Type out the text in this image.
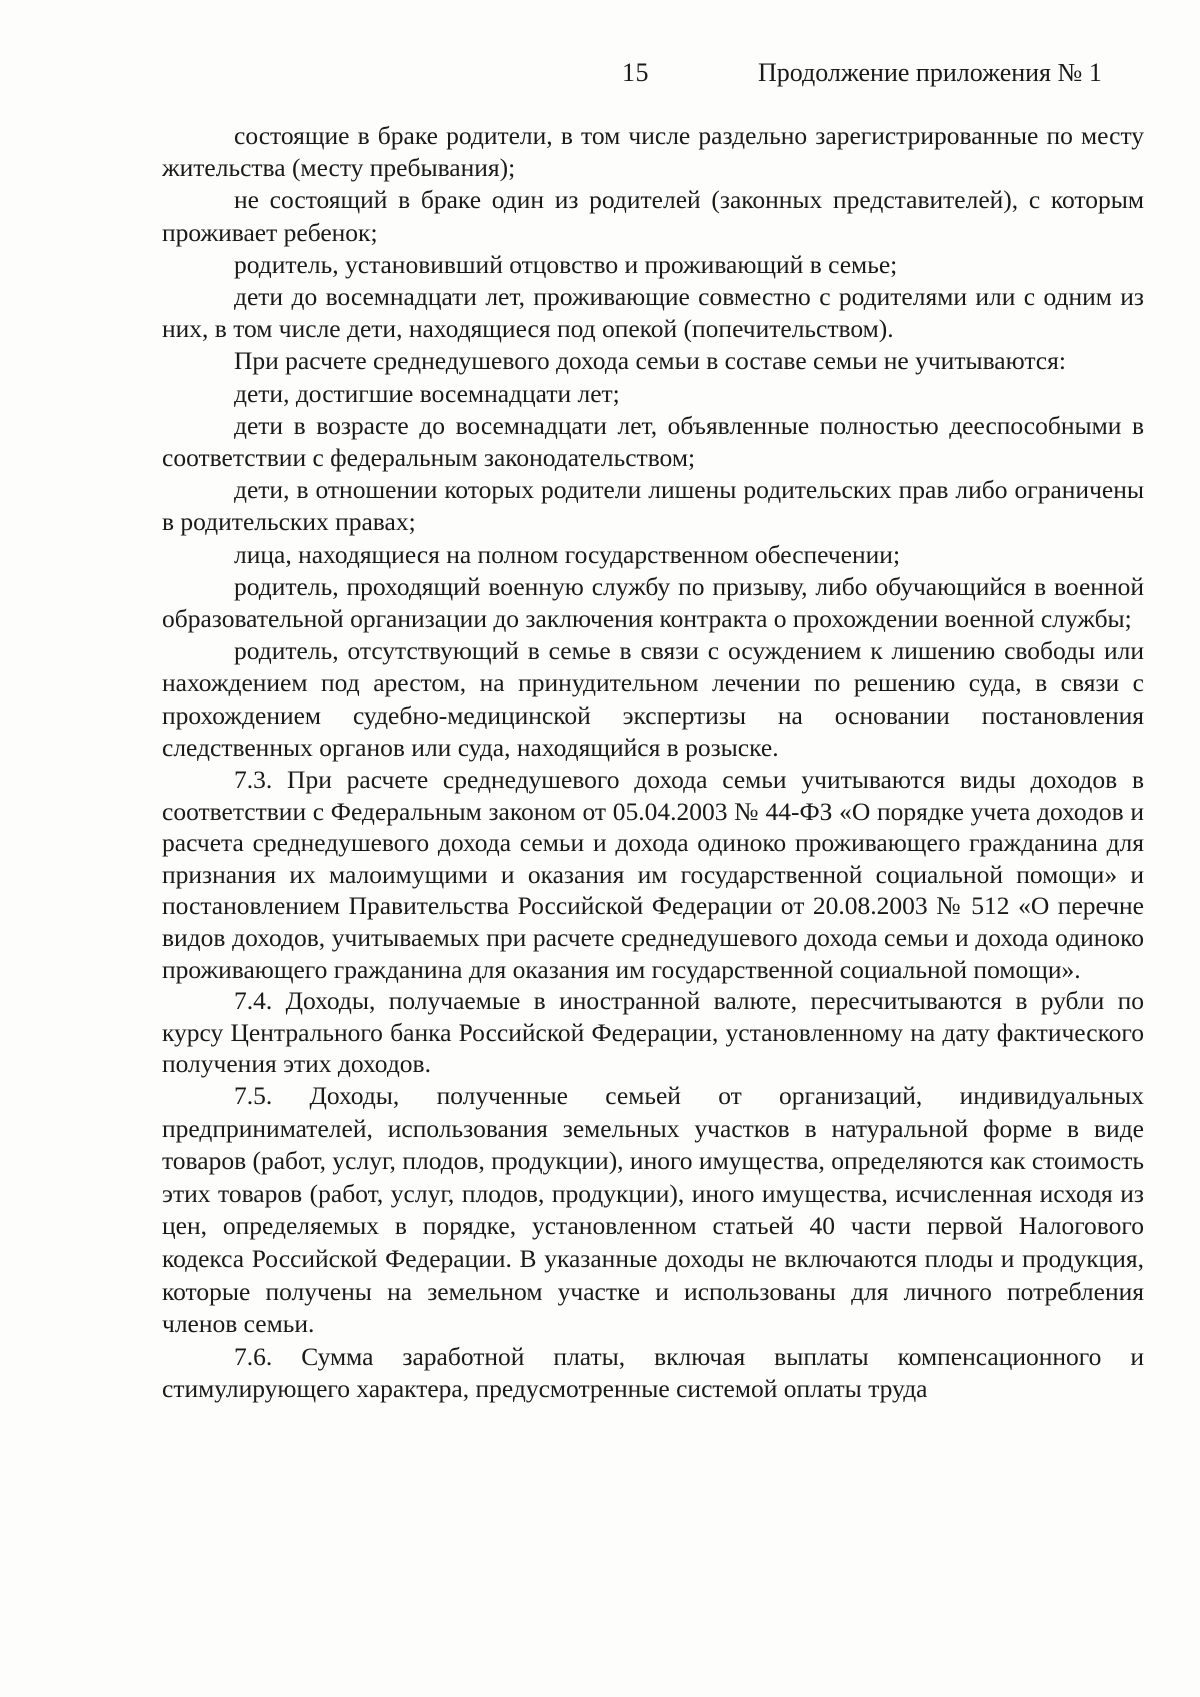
15	Продолжение приложения № 1

состоящие в браке родители, в том числе раздельно зарегистрированные по месту жительства (месту пребывания);

не состоящий в браке один из родителей (законных представителей), с которым проживает ребенок;

родитель, установивший отцовство и проживающий в семье;

дети до восемнадцати лет, проживающие совместно с родителями или с одним из них, в том числе дети, находящиеся под опекой (попечительством).

При расчете среднедушевого дохода семьи в составе семьи не учитываются:

дети, достигшие восемнадцати лет;

дети в возрасте до восемнадцати лет, объявленные полностью дееспособными в соответствии с федеральным законодательством;

дети, в отношении которых родители лишены родительских прав либо ограничены в родительских правах;

лица, находящиеся на полном государственном обеспечении;

родитель, проходящий военную службу по призыву, либо обучающийся в военной образовательной организации до заключения контракта о прохождении военной службы;

родитель, отсутствующий в семье в связи с осуждением к лишению свободы или нахождением под арестом, на принудительном лечении по решению суда, в связи с прохождением судебно-медицинской экспертизы на основании постановления следственных органов или суда, находящийся в розыске.

7.3. При расчете среднедушевого дохода семьи учитываются виды доходов в соответствии с Федеральным законом от 05.04.2003 № 44-ФЗ «О порядке учета доходов и расчета среднедушевого дохода семьи и дохода одиноко проживающего гражданина для признания их малоимущими и оказания им государственной социальной помощи» и постановлением Правительства Российской Федерации от 20.08.2003 № 512 «О перечне видов доходов, учитываемых при расчете среднедушевого дохода семьи и дохода одиноко проживающего гражданина для оказания им государственной социальной помощи».

7.4. Доходы, получаемые в иностранной валюте, пересчитываются в рубли по курсу Центрального банка Российской Федерации, установленному на дату фактического получения этих доходов.

7.5. Доходы, полученные семьей от организаций, индивидуальных предпринимателей, использования земельных участков в натуральной форме в виде товаров (работ, услуг, плодов, продукции), иного имущества, определяются как стоимость этих товаров (работ, услуг, плодов, продукции), иного имущества, исчисленная исходя из цен, определяемых в порядке, установленном статьей 40 части первой Налогового кодекса Российской Федерации. В указанные доходы не включаются плоды и продукция, которые получены на земельном участке и использованы для личного потребления членов семьи.

7.6. Сумма заработной платы, включая выплаты компенсационного и стимулирующего характера, предусмотренные системой оплаты труда
